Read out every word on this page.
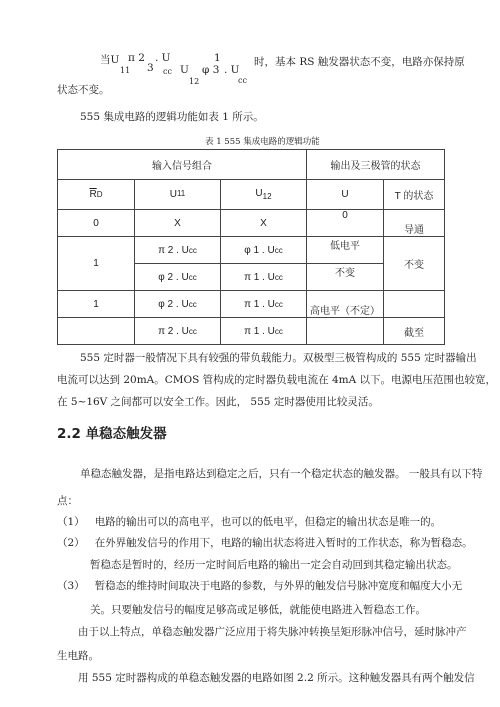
当U
11
π 2
3
. U
cc U
12
φ 3
1
. U
cc
时，基本 RS 触发器状态不变，电路亦保持原
状态不变。
555 集成电路的逻辑功能如表 1 所示。
表 1 555 集成电路的逻辑功能
输入信号组合			输出及三极管的状态	
$\overline{R}D$	$U^{11}$	$U_{12}$	U	T 的状态
0	X	X	0	导通
1	π 2 . Ucc	φ 1 . Ucc	低电平	不变
	φ 2 . Ucc	π 1 . Ucc	不变	
1	φ 2 . Ucc	π 1 . Ucc	高电平（不定）	
	π 2 . Ucc	π 1 . Ucc		截至
555 定时器一般情况下具有较强的带负载能力。双极型三极管构成的 555 定时器输出
电流可以达到 20mA。CMOS 管构成的定时器负载电流在 4mA 以下。电源电压范围也较宽，
在 5~16V 之间都可以安全工作。因此， 555 定时器使用比较灵活。
2.2 单稳态触发器
单稳态触发器，是指电路达到稳定之后，只有一个稳定状态的触发器。 一般具有以下特
点：
（1） 电路的输出可以的高电平，也可以的低电平，但稳定的输出状态是唯一的。
（2） 在外界触发信号的作用下，电路的输出状态将进入暂时的工作状态，称为暂稳态。
暂稳态是暂时的，经历一定时间后电路的输出一定会自动回到其稳定输出状态。
（3） 暂稳态的维持时间取决于电路的参数，与外界的触发信号脉冲宽度和幅度大小无
关。只要触发信号的幅度足够高或足够低，就能使电路进入暂稳态工作。
由于以上特点，单稳态触发器广泛应用于将失脉冲转换呈矩形脉冲信号，延时脉冲产
生电路。
用 555 定时器构成的单稳态触发器的电路如图 2.2 所示。这种触发器具有两个触发信
